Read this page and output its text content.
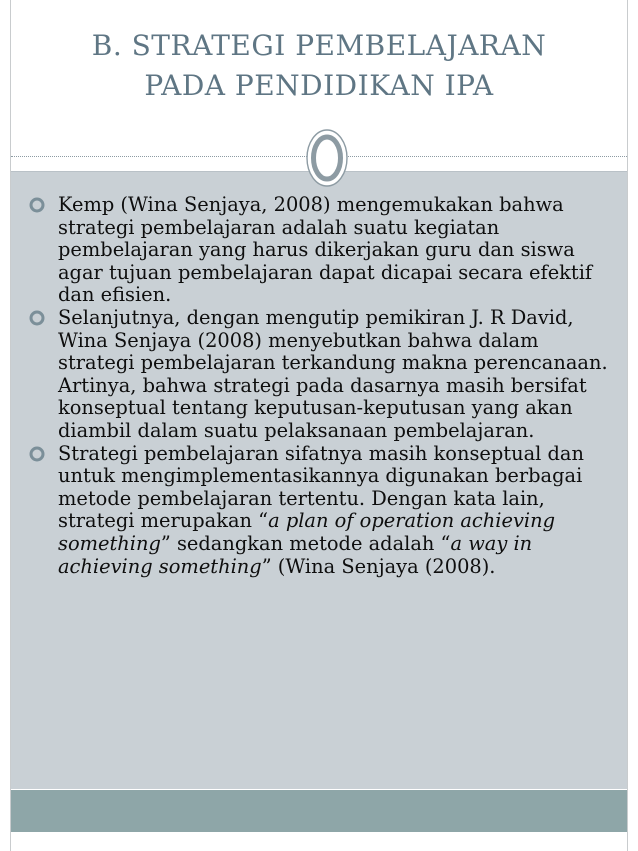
B. STRATEGI PEMBELAJARAN
PADA PENDIDIKAN IPA
Kemp (Wina Senjaya, 2008) mengemukakan bahwa strategi pembelajaran adalah suatu kegiatan pembelajaran yang harus dikerjakan guru dan siswa agar tujuan pembelajaran dapat dicapai secara efektif dan efisien.
Selanjutnya, dengan mengutip pemikiran J. R David, Wina Senjaya (2008) menyebutkan bahwa dalam strategi pembelajaran terkandung makna perencanaan. Artinya, bahwa strategi pada dasarnya masih bersifat konseptual tentang keputusan-keputusan yang akan diambil dalam suatu pelaksanaan pembelajaran.
Strategi pembelajaran sifatnya masih konseptual dan untuk mengimplementasikannya digunakan berbagai metode pembelajaran tertentu. Dengan kata lain, strategi merupakan “a plan of operation achieving something” sedangkan metode adalah “a way in achieving something” (Wina Senjaya (2008).
